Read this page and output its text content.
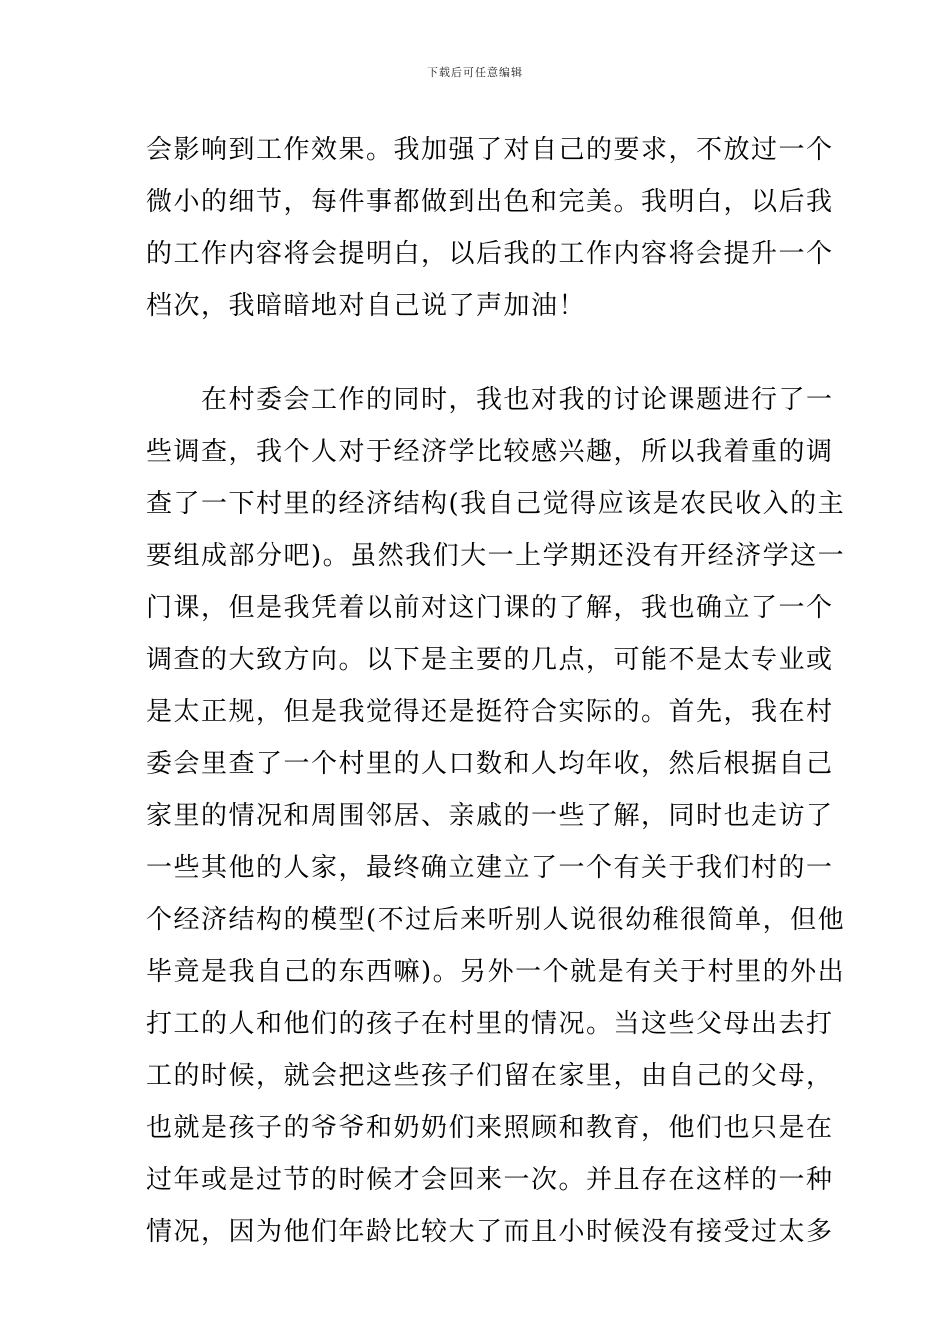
下载后可任意编辑
会影响到工作效果。我加强了对自己的要求，不放过一个
微小的细节，每件事都做到出色和完美。我明白，以后我
的工作内容将会提明白，以后我的工作内容将会提升一个
档次，我暗暗地对自己说了声加油！
　　在村委会工作的同时，我也对我的讨论课题进行了一
些调查，我个人对于经济学比较感兴趣，所以我着重的调
查了一下村里的经济结构(我自己觉得应该是农民收入的主
要组成部分吧)。虽然我们大一上学期还没有开经济学这一
门课，但是我凭着以前对这门课的了解，我也确立了一个
调查的大致方向。以下是主要的几点，可能不是太专业或
是太正规，但是我觉得还是挺符合实际的。首先，我在村
委会里查了一个村里的人口数和人均年收，然后根据自己
家里的情况和周围邻居、亲戚的一些了解，同时也走访了
一些其他的人家，最终确立建立了一个有关于我们村的一
个经济结构的模型(不过后来听别人说很幼稚很简单，但他
毕竟是我自己的东西嘛)。另外一个就是有关于村里的外出
打工的人和他们的孩子在村里的情况。当这些父母出去打
工的时候，就会把这些孩子们留在家里，由自己的父母，
也就是孩子的爷爷和奶奶们来照顾和教育，他们也只是在
过年或是过节的时候才会回来一次。并且存在这样的一种
情况，因为他们年龄比较大了而且小时候没有接受过太多
